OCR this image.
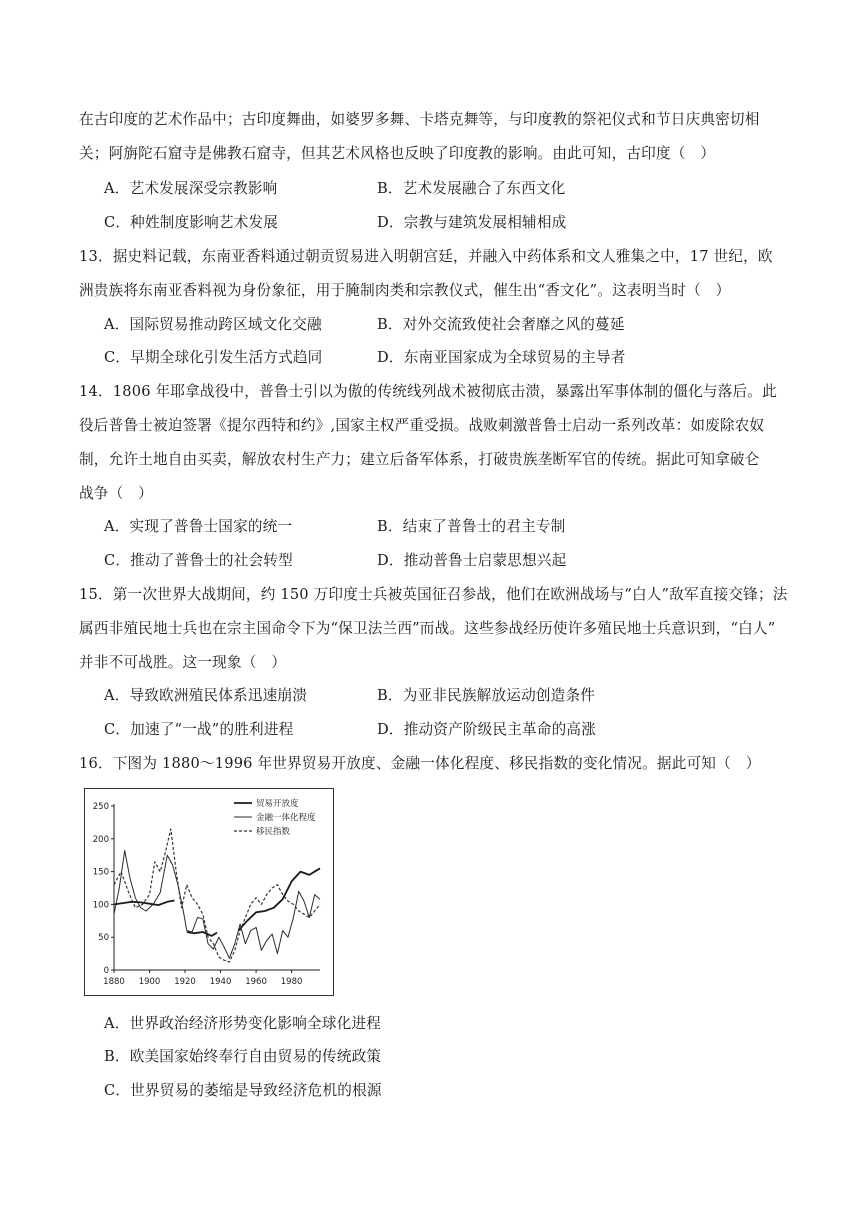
在古印度的艺术作品中；古印度舞曲，如婆罗多舞、卡塔克舞等，与印度教的祭祀仪式和节日庆典密切相
关；阿旃陀石窟寺是佛教石窟寺，但其艺术风格也反映了印度教的影响。由此可知，古印度（　）
A．艺术发展深受宗教影响	B．艺术发展融合了东西文化
C．种姓制度影响艺术发展	D．宗教与建筑发展相辅相成
13．据史料记载，东南亚香料通过朝贡贸易进入明朝宫廷，并融入中药体系和文人雅集之中，17 世纪，欧
洲贵族将东南亚香料视为身份象征，用于腌制肉类和宗教仪式，催生出“香文化”。这表明当时（　）
A．国际贸易推动跨区域文化交融	B．对外交流致使社会奢靡之风的蔓延
C．早期全球化引发生活方式趋同	D．东南亚国家成为全球贸易的主导者
14．1806 年耶拿战役中，普鲁士引以为傲的传统线列战术被彻底击溃，暴露出军事体制的僵化与落后。此
役后普鲁士被迫签署《提尔西特和约》,国家主权严重受损。战败刺激普鲁士启动一系列改革：如废除农奴
制，允许土地自由买卖，解放农村生产力；建立后备军体系，打破贵族垄断军官的传统。据此可知拿破仑
战争（　）
A．实现了普鲁士国家的统一	B．结束了普鲁士的君主专制
C．推动了普鲁士的社会转型	D．推动普鲁士启蒙思想兴起
15．第一次世界大战期间，约 150 万印度士兵被英国征召参战，他们在欧洲战场与“白人”敌军直接交锋；法
属西非殖民地士兵也在宗主国命令下为“保卫法兰西”而战。这些参战经历使许多殖民地士兵意识到，“白人”
并非不可战胜。这一现象（　）
A．导致欧洲殖民体系迅速崩溃	B．为亚非民族解放运动创造条件
C．加速了“一战”的胜利进程	D．推动资产阶级民主革命的高涨
16．下图为 1880～1996 年世界贸易开放度、金融一体化程度、移民指数的变化情况。据此可知（　）
0
50
100
150
200
250
1880 1900 1920 1940 1960 1980
贸易开放度
金融一体化程度
移民指数
A．世界政治经济形势变化影响全球化进程
B．欧美国家始终奉行自由贸易的传统政策
C．世界贸易的萎缩是导致经济危机的根源
